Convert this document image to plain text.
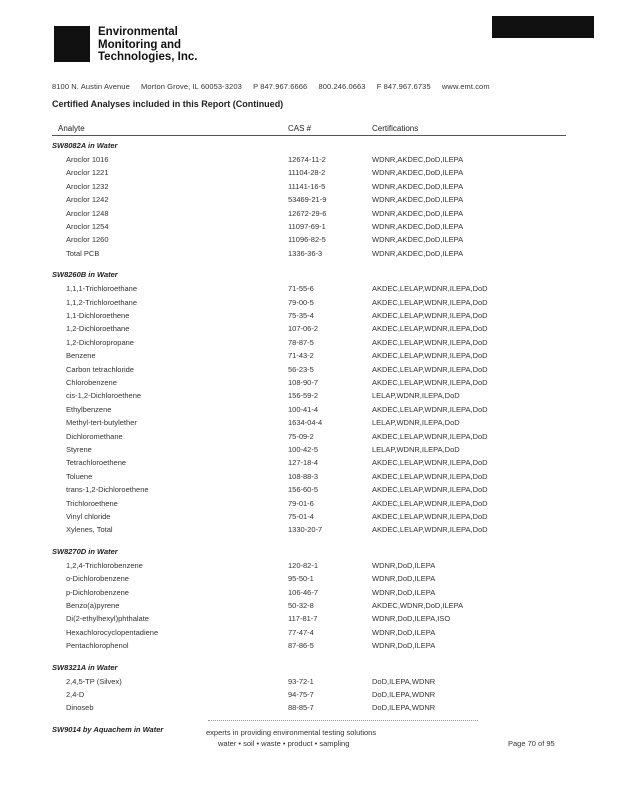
Environmental
Monitoring and
Technologies, Inc.
8100 N. Austin Avenue Morton Grove, IL 60053-3203 P 847.967.6666 800.246.0663 F 847.967.6735 www.emt.com
Certified Analyses included in this Report (Continued)
Analyte	CAS #	Certifications
SW8082A in Water
Aroclor 1016	12674-11-2	WDNR,AKDEC,DoD,ILEPA
Aroclor 1221	11104-28-2	WDNR,AKDEC,DoD,ILEPA
Aroclor 1232	11141-16-5	WDNR,AKDEC,DoD,ILEPA
Aroclor 1242	53469-21-9	WDNR,AKDEC,DoD,ILEPA
Aroclor 1248	12672-29-6	WDNR,AKDEC,DoD,ILEPA
Aroclor 1254	11097-69-1	WDNR,AKDEC,DoD,ILEPA
Aroclor 1260	11096-82-5	WDNR,AKDEC,DoD,ILEPA
Total PCB	1336-36-3	WDNR,AKDEC,DoD,ILEPA
SW8260B in Water
1,1,1-Trichloroethane	71-55-6	AKDEC,LELAP,WDNR,ILEPA,DoD
1,1,2-Trichloroethane	79-00-5	AKDEC,LELAP,WDNR,ILEPA,DoD
1,1-Dichloroethene	75-35-4	AKDEC,LELAP,WDNR,ILEPA,DoD
1,2-Dichloroethane	107-06-2	AKDEC,LELAP,WDNR,ILEPA,DoD
1,2-Dichloropropane	78-87-5	AKDEC,LELAP,WDNR,ILEPA,DoD
Benzene	71-43-2	AKDEC,LELAP,WDNR,ILEPA,DoD
Carbon tetrachloride	56-23-5	AKDEC,LELAP,WDNR,ILEPA,DoD
Chlorobenzene	108-90-7	AKDEC,LELAP,WDNR,ILEPA,DoD
cis-1,2-Dichloroethene	156-59-2	LELAP,WDNR,ILEPA,DoD
Ethylbenzene	100-41-4	AKDEC,LELAP,WDNR,ILEPA,DoD
Methyl-tert-butylether	1634-04-4	LELAP,WDNR,ILEPA,DoD
Dichloromethane	75-09-2	AKDEC,LELAP,WDNR,ILEPA,DoD
Styrene	100-42-5	LELAP,WDNR,ILEPA,DoD
Tetrachloroethene	127-18-4	AKDEC,LELAP,WDNR,ILEPA,DoD
Toluene	108-88-3	AKDEC,LELAP,WDNR,ILEPA,DoD
trans-1,2-Dichloroethene	156-60-5	AKDEC,LELAP,WDNR,ILEPA,DoD
Trichloroethene	79-01-6	AKDEC,LELAP,WDNR,ILEPA,DoD
Vinyl chloride	75-01-4	AKDEC,LELAP,WDNR,ILEPA,DoD
Xylenes, Total	1330-20-7	AKDEC,LELAP,WDNR,ILEPA,DoD
SW8270D in Water
1,2,4-Trichlorobenzene	120-82-1	WDNR,DoD,ILEPA
o-Dichlorobenzene	95-50-1	WDNR,DoD,ILEPA
p-Dichlorobenzene	106-46-7	WDNR,DoD,ILEPA
Benzo(a)pyrene	50-32-8	AKDEC,WDNR,DoD,ILEPA
Di(2-ethylhexyl)phthalate	117-81-7	WDNR,DoD,ILEPA,ISO
Hexachlorocyclopentadiene	77-47-4	WDNR,DoD,ILEPA
Pentachlorophenol	87-86-5	WDNR,DoD,ILEPA
SW8321A in Water
2,4,5-TP (Silvex)	93-72-1	DoD,ILEPA,WDNR
2,4-D	94-75-7	DoD,ILEPA,WDNR
Dinoseb	88-85-7	DoD,ILEPA,WDNR
SW9014 by Aquachem in Water	experts in providing environmental testing solutions
water • soil • waste • product • sampling	Page 70 of 95
